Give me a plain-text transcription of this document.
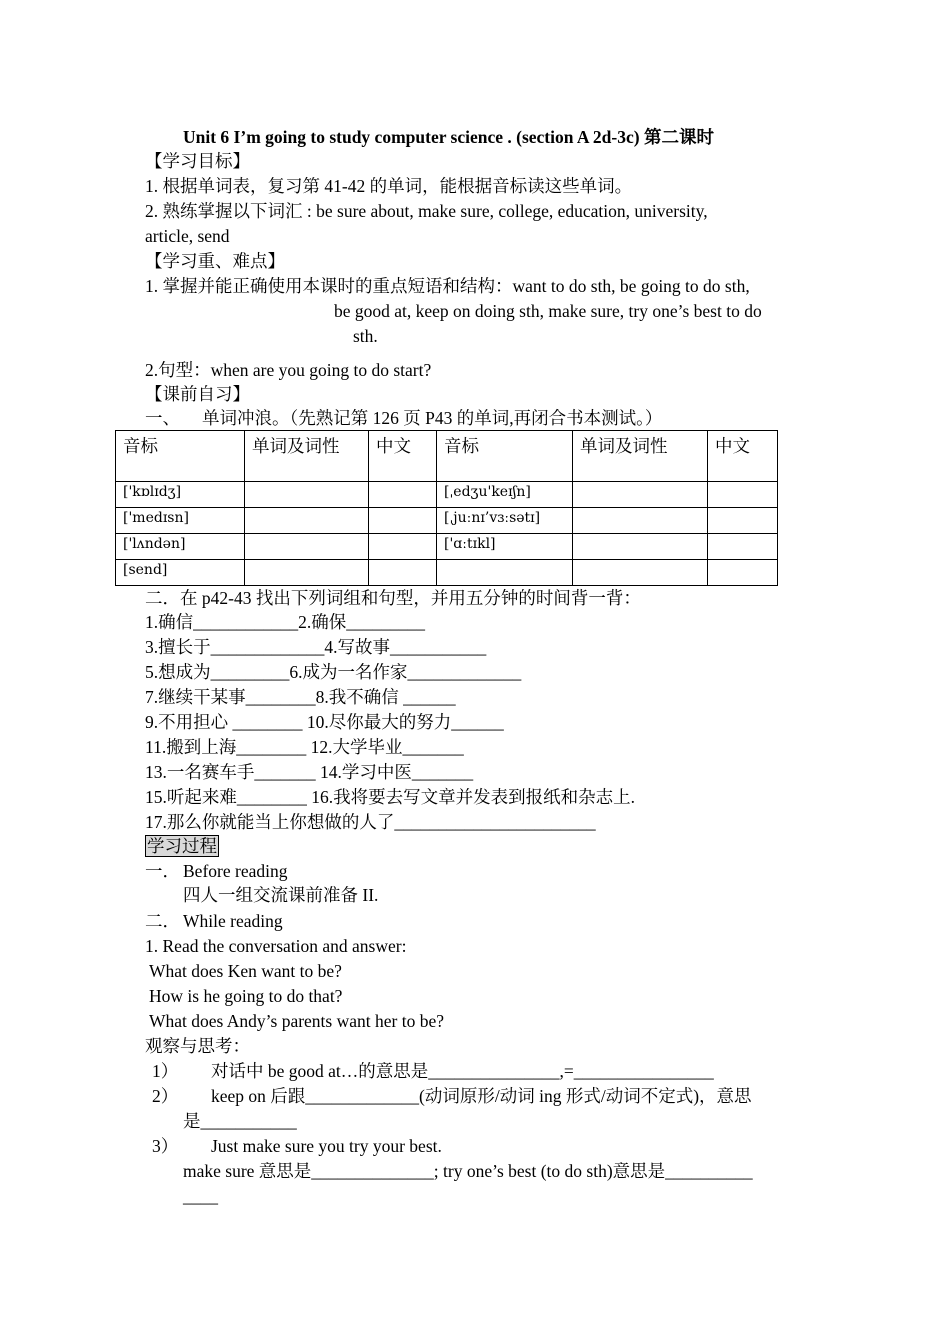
Unit 6 I’m going to study computer science . (section A 2d-3c) 第二课时
【学习目标】
1. 根据单词表，复习第 41-42 的单词，能根据音标读这些单词。
2. 熟练掌握以下词汇 : be sure about, make sure, college, education, university,
article, send
【学习重、难点】
1. 掌握并能正确使用本课时的重点短语和结构：want to do sth, be going to do sth,
be good at, keep on doing sth, make sure, try one’s best to do
sth.
2.句型：when are you going to do start?
【课前自习】
一、 单词冲浪。（先熟记第 126 页 P43 的单词,再闭合书本测试。）
音标	单词及词性	中文	音标	单词及词性	中文
['kɒlɪdʒ]			[ˌedʒu'keɪʃn]		
['medɪsn]			[ˌjuːnɪ’vɜːsətɪ]		
['lʌndən]			['ɑːtɪkl]		
[send]					
二．在 p42-43 找出下列词组和句型，并用五分钟的时间背一背：
1.确信____________2.确保_________
3.擅长于_____________4.写故事___________
5.想成为_________6.成为一名作家_____________
7.继续干某事________8.我不确信 ______
9.不用担心 ________ 10.尽你最大的努力______
11.搬到上海________ 12.大学毕业_______
13.一名赛车手_______ 14.学习中医_______
15.听起来难________ 16.我将要去写文章并发表到报纸和杂志上.
17.那么你就能当上你想做的人了_______________________
学习过程
一． Before reading
四人一组交流课前准备 II.
二． While reading
1. Read the conversation and answer:
What does Ken want to be?
How is he going to do that?
What does Andy’s parents want her to be?
观察与思考：
1） 对话中 be good at…的意思是_______________,=________________
2） keep on 后跟_____________(动词原形/动词 ing 形式/动词不定式)，意思
是___________
3） Just make sure you try your best.
make sure 意思是______________; try one’s best (to do sth)意思是__________
____
